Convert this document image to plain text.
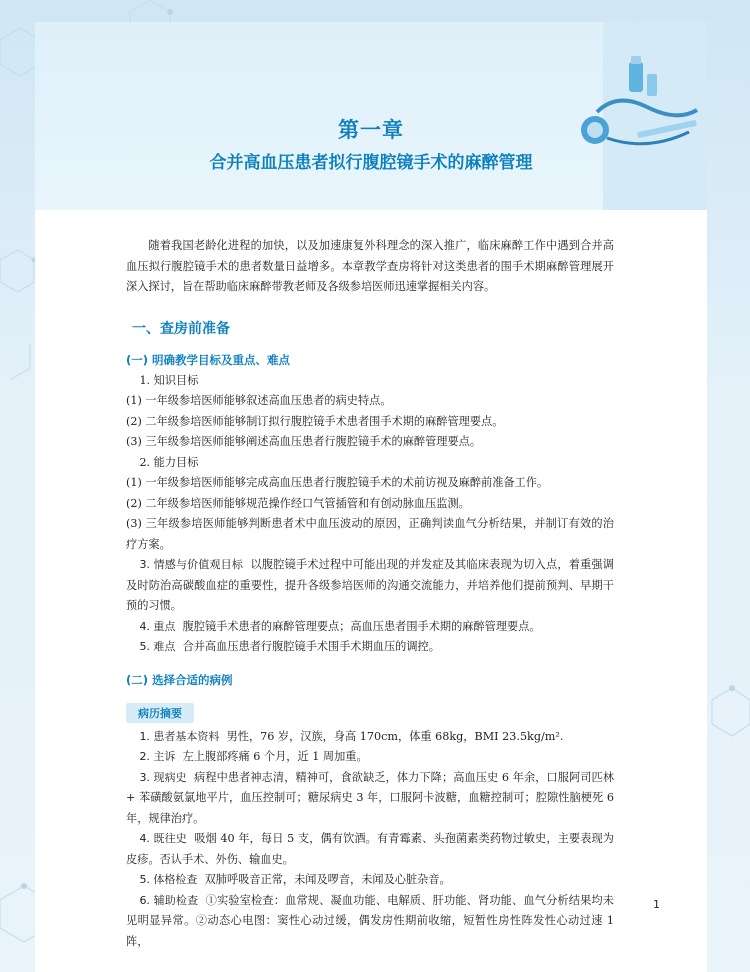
第一章
合并高血压患者拟行腹腔镜手术的麻醉管理
1

随着我国老龄化进程的加快，以及加速康复外科理念的深入推广，临床麻醉工作中遇到合并高血压拟行腹腔镜手术的患者数量日益增多。本章教学查房将针对这类患者的围手术期麻醉管理展开深入探讨，旨在帮助临床麻醉带教老师及各级参培医师迅速掌握相关内容。

一、查房前准备
(一) 明确教学目标及重点、难点
1. 知识目标
(1) 一年级参培医师能够叙述高血压患者的病史特点。
(2) 二年级参培医师能够制订拟行腹腔镜手术患者围手术期的麻醉管理要点。
(3) 三年级参培医师能够阐述高血压患者行腹腔镜手术的麻醉管理要点。
2. 能力目标
(1) 一年级参培医师能够完成高血压患者行腹腔镜手术的术前访视及麻醉前准备工作。
(2) 二年级参培医师能够规范操作经口气管插管和有创动脉血压监测。
(3) 三年级参培医师能够判断患者术中血压波动的原因，正确判读血气分析结果，并制订有效的治疗方案。
3. 情感与价值观目标 以腹腔镜手术过程中可能出现的并发症及其临床表现为切入点，着重强调及时防治高碳酸血症的重要性，提升各级参培医师的沟通交流能力，并培养他们提前预判、早期干预的习惯。
4. 重点 腹腔镜手术患者的麻醉管理要点；高血压患者围手术期的麻醉管理要点。
5. 难点 合并高血压患者行腹腔镜手术围手术期血压的调控。
(二) 选择合适的病例
病历摘要
1. 患者基本资料 男性，76 岁，汉族，身高 170cm，体重 68kg，BMI 23.5kg/m².
2. 主诉 左上腹部疼痛 6 个月，近 1 周加重。
3. 现病史 病程中患者神志清，精神可，食欲缺乏，体力下降；高血压史 6 年余，口服阿司匹林 + 苯磺酸氨氯地平片，血压控制可；糖尿病史 3 年，口服阿卡波糖，血糖控制可；腔隙性脑梗死 6 年，规律治疗。
4. 既往史 吸烟 40 年，每日 5 支，偶有饮酒。有青霉素、头孢菌素类药物过敏史，主要表现为皮疹。否认手术、外伤、输血史。
5. 体格检查 双肺呼吸音正常，未闻及啰音，未闻及心脏杂音。
6. 辅助检查 ①实验室检查：血常规、凝血功能、电解质、肝功能、肾功能、血气分析结果均未见明显异常。②动态心电图：窦性心动过缓，偶发房性期前收缩，短暂性房性阵发性心动过速 1 阵，
